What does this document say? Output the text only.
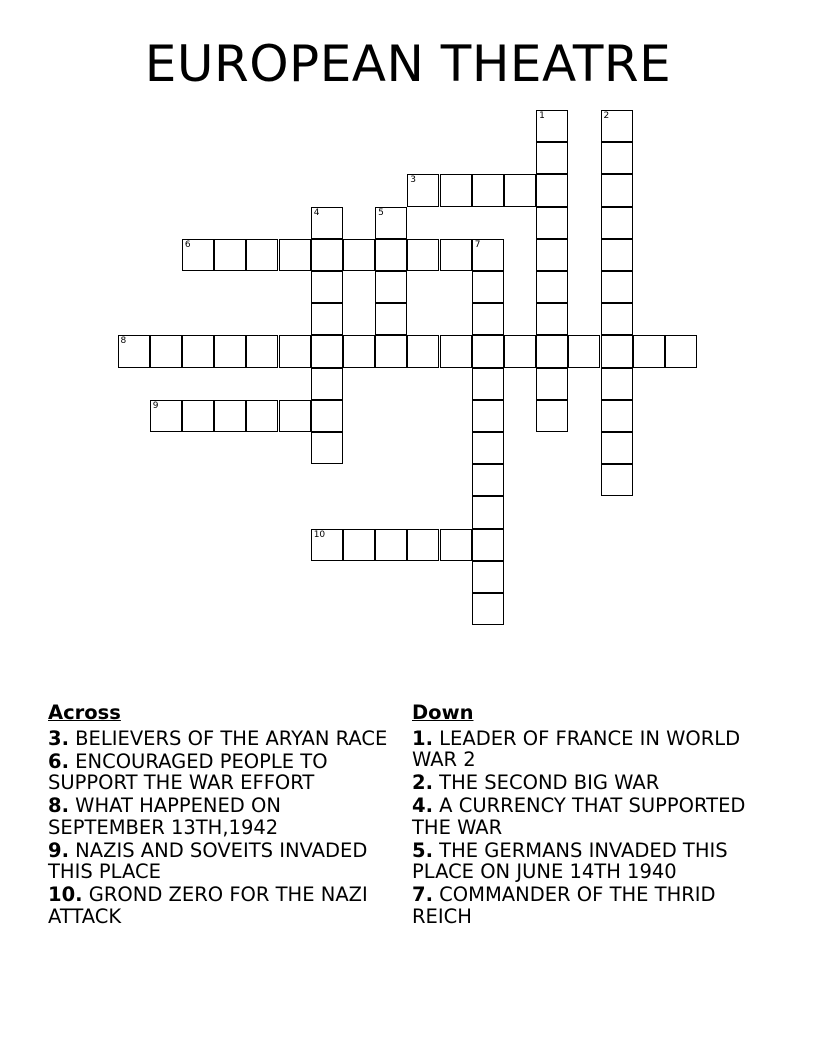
EUROPEAN THEATRE
1	2
3
4	5
6	7
8
9
10
Across
3. BELIEVERS OF THE ARYAN RACE
6. ENCOURAGED PEOPLE TO SUPPORT THE WAR EFFORT
8. WHAT HAPPENED ON SEPTEMBER 13TH,1942
9. NAZIS AND SOVEITS INVADED THIS PLACE
10. GROND ZERO FOR THE NAZI ATTACK
Down
1. LEADER OF FRANCE IN WORLD WAR 2
2. THE SECOND BIG WAR
4. A CURRENCY THAT SUPPORTED THE WAR
5. THE GERMANS INVADED THIS PLACE ON JUNE 14TH 1940
7. COMMANDER OF THE THRID REICH
